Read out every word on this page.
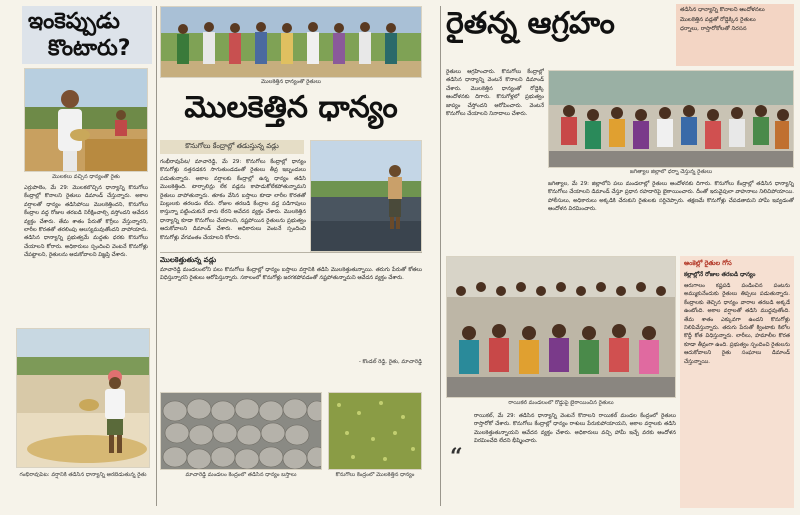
ఇంకెప్పుడు
కొంటారు?
మొలకలు వచ్చిన ధాన్యంతో రైతు

ఎర్రుపాలెం, మే 29: మొలకలొచ్చిన ధాన్యాన్ని కొనుగోలు కేంద్రాల్లో కొనాలని రైతులు డిమాండ్ చేస్తున్నారు. అకాల వర్షాలతో ధాన్యం తడిసిపోయి మొలకెత్తిందని, కొనుగోలు కేంద్రాల వద్ద రోజుల తరబడి నిరీక్షించాల్సి వస్తోందని ఆవేదన వ్యక్తం చేశారు. తేమ శాతం పేరుతో కొర్రీలు వేస్తున్నారని, లారీల కొరతతో తరలింపు ఆలస్యమవుతోందని వాపోయారు. తడిసిన ధాన్యాన్ని ప్రభుత్వమే మద్దతు ధరకు కొనుగోలు చేయాలని కోరారు. అధికారులు స్పందించి వెంటనే కొనుగోళ్లు చేపట్టాలని, రైతులను ఆదుకోవాలని విజ్ఞప్తి చేశారు.

గంభీరావుపేట: వర్షానికి తడిసిన ధాన్యాన్ని ఆరబెడుతున్న రైతు
మొలకెత్తిన ధాన్యంతో రైతులు
మొలకెత్తిన ధాన్యం
కొనుగోలు కేంద్రాల్లో తడుస్తున్న వడ్లు

గంభీరావుపేట/ మాచారెడ్డి, మే 29: కొనుగోలు కేంద్రాల్లో ధాన్యం కొనుగోళ్లు నత్తనడకన సాగుతుండడంతో రైతులు తీవ్ర ఇబ్బందులు పడుతున్నారు. అకాల వర్షాలకు కేంద్రాల్లో ఉన్న ధాన్యం తడిసి మొలకెత్తింది. టార్పాలిన్లు లేక వడ్లను కాపాడుకోలేకపోతున్నామని రైతులు వాపోతున్నారు. తూకం వేసిన బస్తాలు కూడా లారీల కొరతతో మిల్లులకు తరలడం లేదు. రోజుల తరబడి కేంద్రాల వద్ద పడిగాపులు కాస్తున్నా పట్టించుకునే వారు లేరని ఆవేదన వ్యక్తం చేశారు. మొలకెత్తిన ధాన్యాన్ని కూడా కొనుగోలు చేయాలని, నష్టపోయిన రైతులను ప్రభుత్వం ఆదుకోవాలని డిమాండ్ చేశారు. అధికారులు వెంటనే స్పందించి కొనుగోళ్లు వేగవంతం చేయాలని కోరారు.

మొలకెత్తుతున్న వడ్లు

మాచారెడ్డి మండలంలోని పలు కొనుగోలు కేంద్రాల్లో ధాన్యం బస్తాలు వర్షానికి తడిసి మొలకెత్తుతున్నాయి. తరుగు పేరుతో కోతలు విధిస్తున్నారని రైతులు ఆరోపిస్తున్నారు. సకాలంలో కొనుగోళ్లు జరగకపోవడంతో నష్టపోతున్నామని ఆవేదన వ్యక్తం చేశారు.

- కొండల్ రెడ్డి, రైతు, మాచారెడ్డి
మాచారెడ్డి మండలం కేంద్రంలో తడిసిన ధాన్యం బస్తాలు	కొనుగోలు కేంద్రంలో మొలకెత్తిన ధాన్యం
రైతన్న ఆగ్రహం	తడిసిన ధాన్యాన్ని కొనాలని ఆందోళనలు
మొలకెత్తిన వడ్లతో రోడ్డెక్కిన రైతులు
ధర్నాలు, రాస్తారోకోలతో నిరసన

రైతులు ఆగ్రహించారు. కొనుగోలు కేంద్రాల్లో తడిసిన ధాన్యాన్ని వెంటనే కొనాలని డిమాండ్ చేశారు. మొలకెత్తిన ధాన్యంతో రోడ్డెక్కి ఆందోళనకు దిగారు. కొనుగోళ్లలో ప్రభుత్వం జాప్యం చేస్తోందని ఆరోపించారు. వెంటనే కొనుగోలు చేయాలని నినాదాలు చేశారు.

జగిత్యాల జిల్లాలో ధర్నా చేస్తున్న రైతులు

జగిత్యాల, మే 29: జిల్లాలోని పలు మండలాల్లో రైతులు ఆందోళనకు దిగారు. కొనుగోలు కేంద్రాల్లో తడిసిన ధాన్యాన్ని కొనుగోలు చేయాలని డిమాండ్ చేస్తూ ప్రధాన రహదారిపై బైఠాయించారు. దీంతో ఇరువైపులా వాహనాలు నిలిచిపోయాయి. పోలీసులు, అధికారులు అక్కడికి చేరుకుని రైతులకు సర్దిచెప్పారు. తక్షణమే కొనుగోళ్లు చేపడతామని హామీ ఇవ్వడంతో ఆందోళన విరమించారు.

రాయికల్ మండలంలో రోడ్డుపై బైఠాయించిన రైతులు
అంకెల్లో రైతుల గోస
కల్లాల్లోనే రోజుల తరబడి ధాన్యం

ఆరుగాలం కష్టపడి పండించిన పంటను అమ్ముకునేందుకు రైతులు తిప్పలు పడుతున్నారు. కేంద్రాలకు తెచ్చిన ధాన్యం వారాల తరబడి అక్కడే ఉంటోంది. అకాల వర్షాలతో తడిసి ముద్దవుతోంది. తేమ శాతం ఎక్కువగా ఉందని కొనుగోళ్లు నిలిపివేస్తున్నారు. తరుగు పేరుతో క్వింటాకు కిలోల కొద్దీ కోత విధిస్తున్నారు. లారీలు, హమాలీల కొరత కూడా తీవ్రంగా ఉంది. ప్రభుత్వం స్పందించి రైతులను ఆదుకోవాలని రైతు సంఘాలు డిమాండ్ చేస్తున్నాయి.

“

రాయికల్, మే 29: తడిసిన ధాన్యాన్ని వెంటనే కొనాలని రాయికల్ మండల కేంద్రంలో రైతులు రాస్తారోకో చేశారు. కొనుగోలు కేంద్రాల్లో ధాన్యం రాశులు పేరుకుపోయాయని, అకాల వర్షాలకు తడిసి మొలకెత్తుతున్నాయని ఆవేదన వ్యక్తం చేశారు. అధికారులు వచ్చి హామీ ఇచ్చే వరకు ఆందోళన విరమించేది లేదని భీష్మించారు.
